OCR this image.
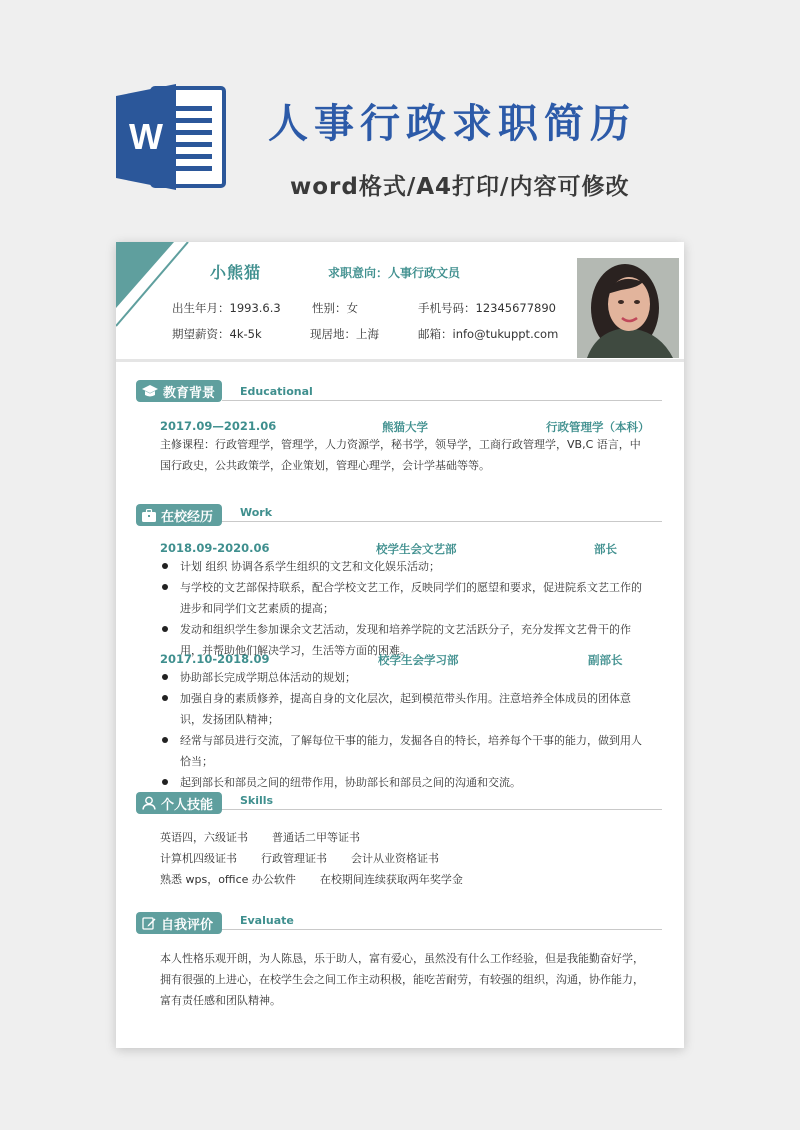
W	人事行政求职简历
word格式/A4打印/内容可修改
小熊猫	求职意向：人事行政文员
出生年月：1993.6.3	性别：女	手机号码：12345677890
期望薪资：4k-5k	现居地：上海	邮箱：info@tukuppt.com
教育背景 Educational
2017.09—2021.06	熊猫大学	行政管理学（本科）
主修课程：行政管理学，管理学，人力资源学，秘书学，领导学，工商行政管理学，VB,C 语言，中国行政史，公共政策学，企业策划，管理心理学，会计学基础等等。
在校经历 Work
2018.09-2020.06	校学生会文艺部	部长
计划 组织 协调各系学生组织的文艺和文化娱乐活动；
与学校的文艺部保持联系，配合学校文艺工作，反映同学们的愿望和要求，促进院系文艺工作的进步和同学们文艺素质的提高；
发动和组织学生参加课余文艺活动，发现和培养学院的文艺活跃分子，充分发挥文艺骨干的作用，并帮助他们解决学习，生活等方面的困难。
2017.10-2018.09	校学生会学习部	副部长
协助部长完成学期总体活动的规划；
加强自身的素质修养，提高自身的文化层次，起到模范带头作用。注意培养全体成员的团体意识，发扬团队精神；
经常与部员进行交流，了解每位干事的能力，发掘各自的特长，培养每个干事的能力，做到用人恰当；
起到部长和部员之间的纽带作用，协助部长和部员之间的沟通和交流。
个人技能 Skills
英语四，六级证书 普通话二甲等证书
计算机四级证书 行政管理证书 会计从业资格证书
熟悉 wps，office 办公软件 在校期间连续获取两年奖学金
自我评价 Evaluate
本人性格乐观开朗，为人陈恳，乐于助人，富有爱心，虽然没有什么工作经验，但是我能勤奋好学，拥有很强的上进心，在校学生会之间工作主动积极，能吃苦耐劳，有较强的组织，沟通，协作能力，富有责任感和团队精神。
